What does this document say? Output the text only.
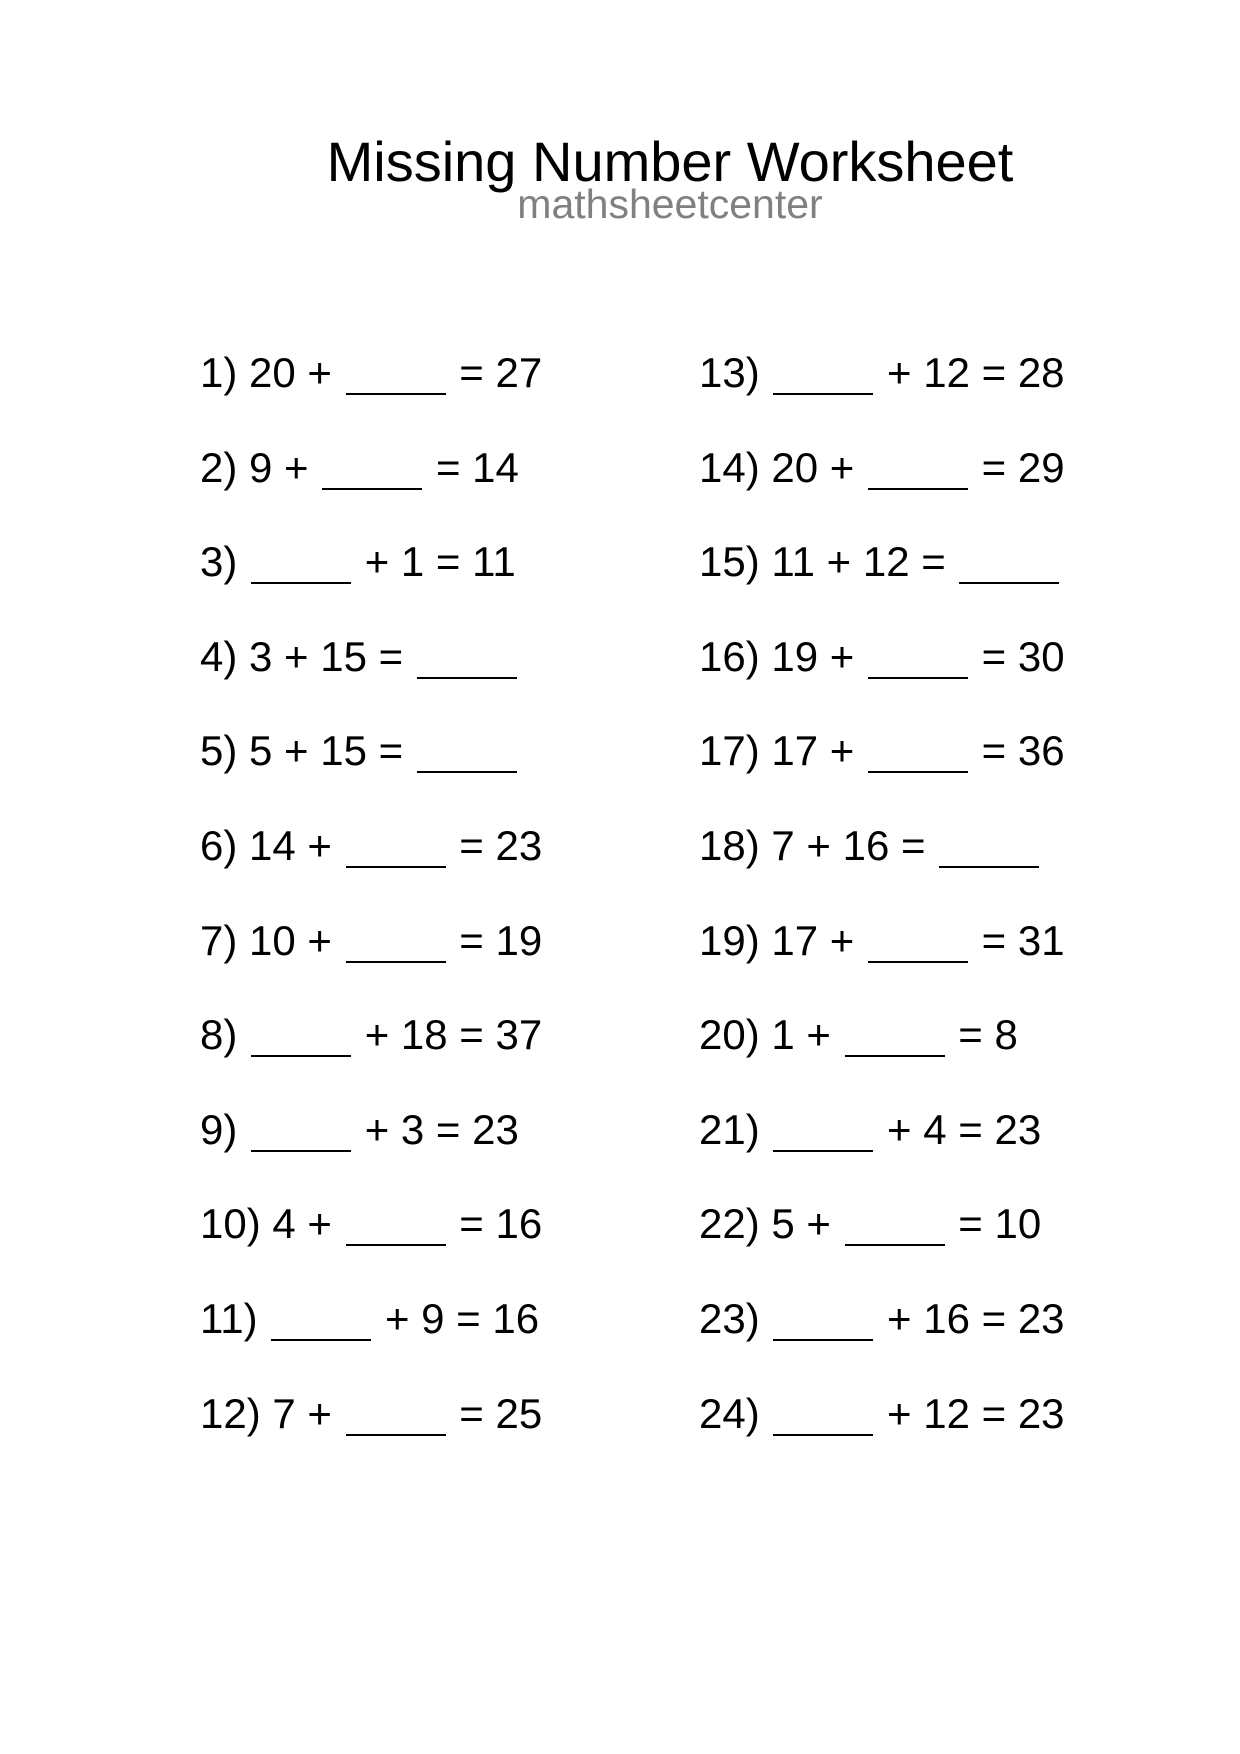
Missing Number Worksheet
mathsheetcenter
1) 20 +	= 27
2) 9 +	= 14
3)	+ 1 = 11
4) 3 + 15 =
5) 5 + 15 =
6) 14 +	= 23
7) 10 +	= 19
8)	+ 18 = 37
9)	+ 3 = 23
10) 4 +	= 16
11)	+ 9 = 16
12) 7 +	= 25
13)	+ 12 = 28
14) 20 +	= 29
15) 11 + 12 =
16) 19 +	= 30
17) 17 +	= 36
18) 7 + 16 =
19) 17 +	= 31
20) 1 +	= 8
21)	+ 4 = 23
22) 5 +	= 10
23)	+ 16 = 23
24)	+ 12 = 23
